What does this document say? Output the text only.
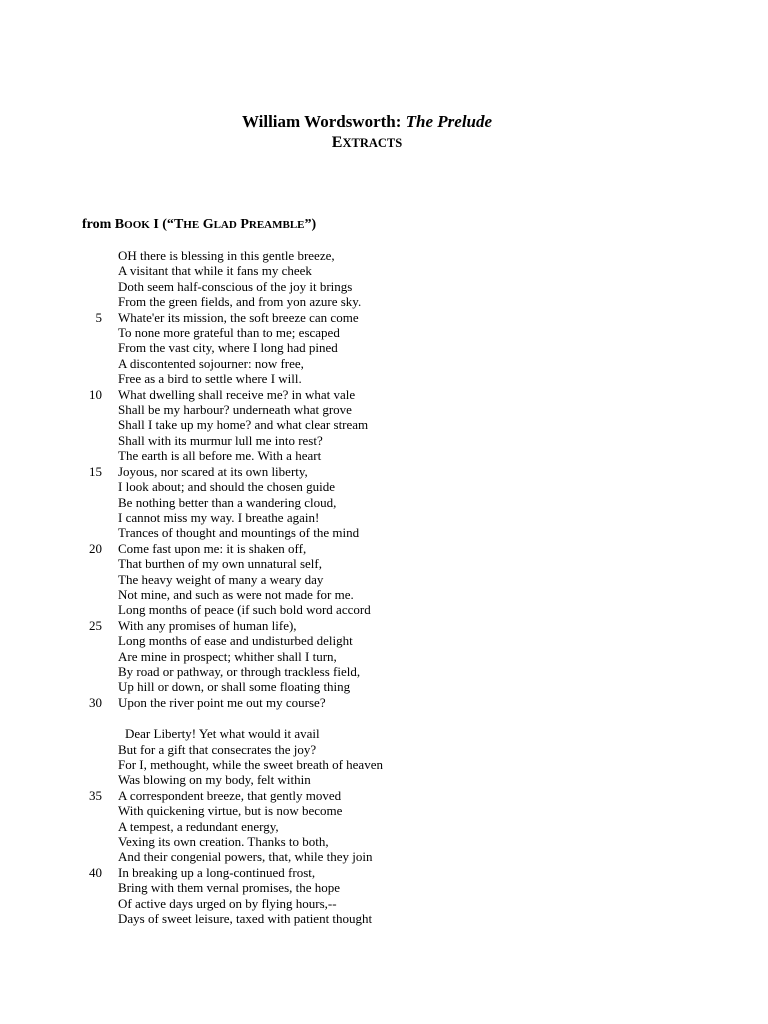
William Wordsworth: The Prelude
EXTRACTS
from BOOK I (“THE GLAD PREAMBLE”)
OH there is blessing in this gentle breeze,
A visitant that while it fans my cheek
Doth seem half-conscious of the joy it brings
From the green fields, and from yon azure sky.
5 Whate'er its mission, the soft breeze can come
To none more grateful than to me; escaped
From the vast city, where I long had pined
A discontented sojourner: now free,
Free as a bird to settle where I will.
10 What dwelling shall receive me? in what vale
Shall be my harbour? underneath what grove
Shall I take up my home? and what clear stream
Shall with its murmur lull me into rest?
The earth is all before me. With a heart
15 Joyous, nor scared at its own liberty,
I look about; and should the chosen guide
Be nothing better than a wandering cloud,
I cannot miss my way. I breathe again!
Trances of thought and mountings of the mind
20 Come fast upon me: it is shaken off,
That burthen of my own unnatural self,
The heavy weight of many a weary day
Not mine, and such as were not made for me.
Long months of peace (if such bold word accord
25 With any promises of human life),
Long months of ease and undisturbed delight
Are mine in prospect; whither shall I turn,
By road or pathway, or through trackless field,
Up hill or down, or shall some floating thing
30 Upon the river point me out my course?
Dear Liberty! Yet what would it avail
But for a gift that consecrates the joy?
For I, methought, while the sweet breath of heaven
Was blowing on my body, felt within
35 A correspondent breeze, that gently moved
With quickening virtue, but is now become
A tempest, a redundant energy,
Vexing its own creation. Thanks to both,
And their congenial powers, that, while they join
40 In breaking up a long-continued frost,
Bring with them vernal promises, the hope
Of active days urged on by flying hours,--
Days of sweet leisure, taxed with patient thought
